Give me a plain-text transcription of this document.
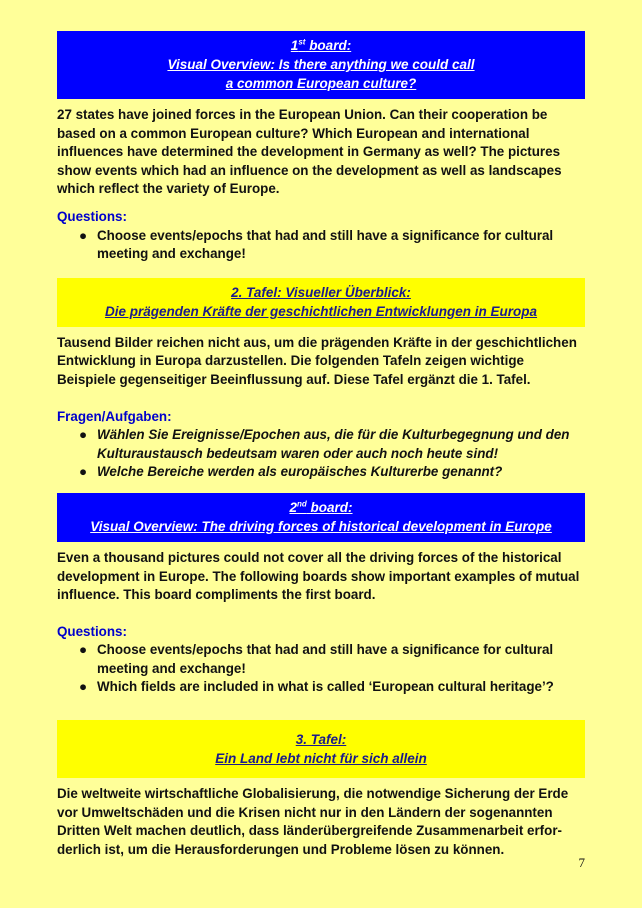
1st board:
Visual Overview: Is there anything we could call
a common European culture?

27 states have joined forces in the European Union. Can their cooperation be based on a common European culture? Which European and international influences have determined the development in Germany as well? The pictures show events which had an influence on the development as well as landscapes which reflect the variety of Europe.

Questions:
● Choose events/epochs that had and still have a significance for cultural meeting and exchange!
2. Tafel: Visueller Überblick:
Die prägenden Kräfte der geschichtlichen Entwicklungen in Europa

Tausend Bilder reichen nicht aus, um die prägenden Kräfte in der geschichtlichen Entwicklung in Europa darzustellen. Die folgenden Tafeln zeigen wichtige Beispiele gegenseitiger Beeinflussung auf. Diese Tafel ergänzt die 1. Tafel.

Fragen/Aufgaben:
● Wählen Sie Ereignisse/Epochen aus, die für die Kulturbegegnung und den Kulturaustausch bedeutsam waren oder auch noch heute sind!
● Welche Bereiche werden als europäisches Kulturerbe genannt?
2nd board:
Visual Overview: The driving forces of historical development in Europe

Even a thousand pictures could not cover all the driving forces of the historical development in Europe. The following boards show important examples of mutual influence. This board compliments the first board.

Questions:
● Choose events/epochs that had and still have a significance for cultural meeting and exchange!
● Which fields are included in what is called ‘European cultural heritage’?
3. Tafel:
Ein Land lebt nicht für sich allein

Die weltweite wirtschaftliche Globalisierung, die notwendige Sicherung der Erde vor Umweltschäden und die Krisen nicht nur in den Ländern der sogenannten Dritten Welt machen deutlich, dass länderübergreifende Zusammenarbeit erfor-derlich ist, um die Herausforderungen und Probleme lösen zu können.

7
